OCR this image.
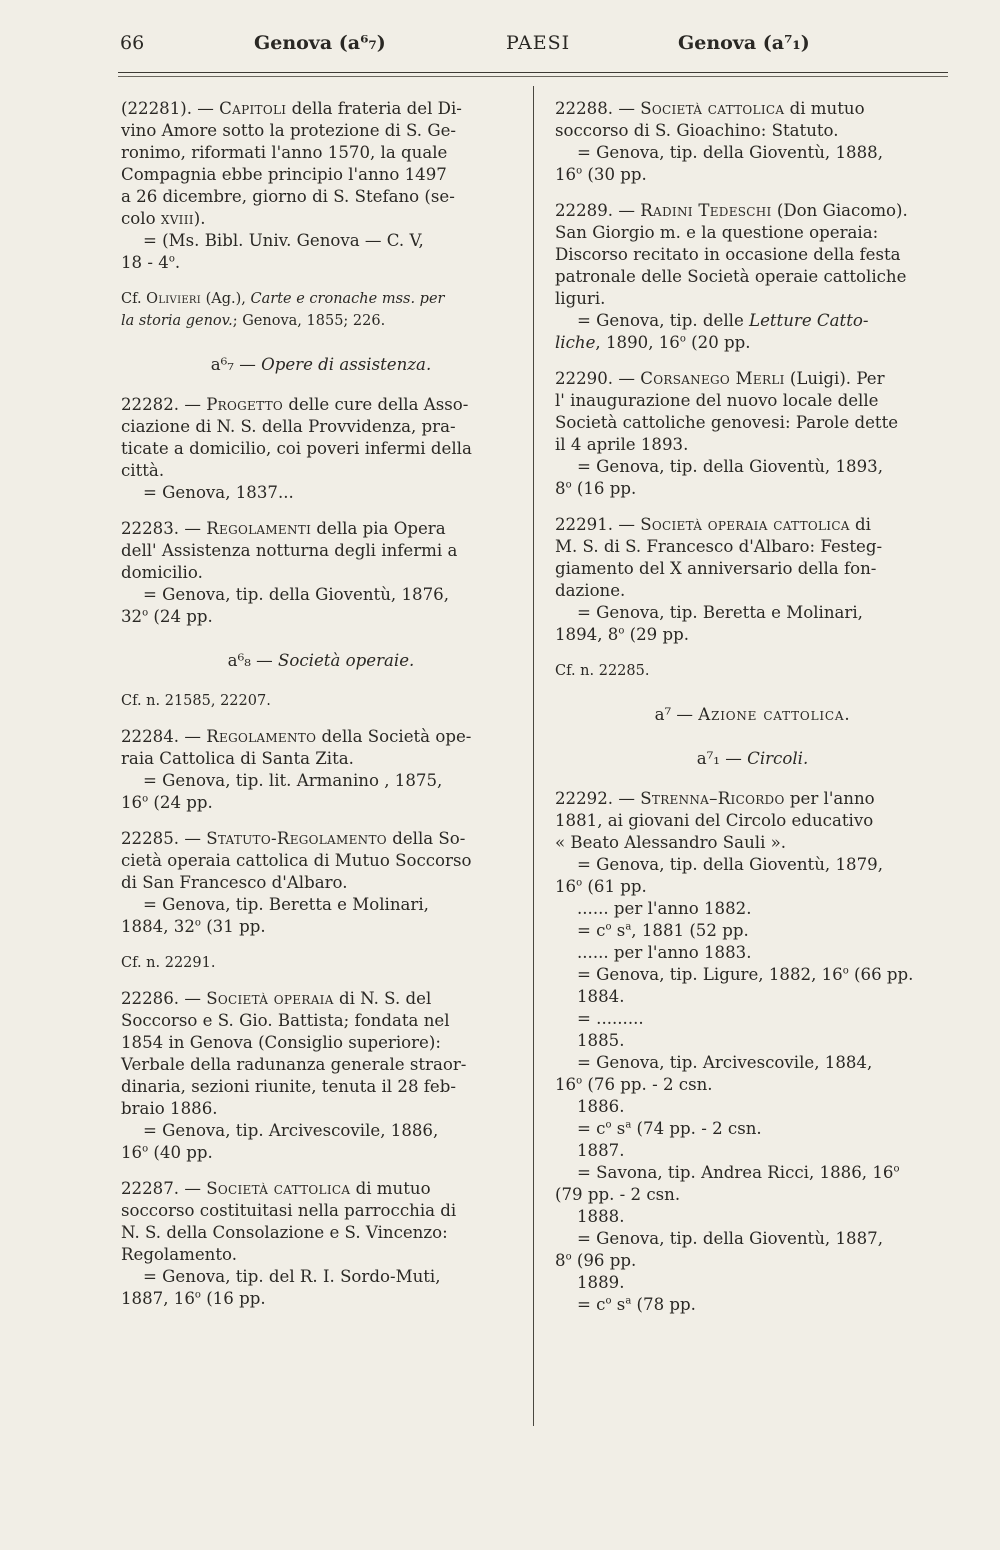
66	Genova (a⁶₇)	PAESI	Genova (a⁷₁)
(22281). — Capitoli della frateria del Di-
vino Amore sotto la protezione di S. Ge-
ronimo, riformati l'anno 1570, la quale
Compagnia ebbe principio l'anno 1497
a 26 dicembre, giorno di S. Stefano (se-
colo xviii).
= (Ms. Bibl. Univ. Genova — C. V,
18 - 4$^o$.
Cf. Olivieri (Ag.), Carte e cronache mss. per
la storia genov.; Genova, 1855; 226.
a⁶₇ — Opere di assistenza.
22282. — Progetto delle cure della Asso-
ciazione di N. S. della Provvidenza, pra-
ticate a domicilio, coi poveri infermi della
città.
= Genova, 1837...
22283. — Regolamenti della pia Opera
dell' Assistenza notturna degli infermi a
domicilio.
= Genova, tip. della Gioventù, 1876,
32$^o$ (24 pp.
a⁶₈ — Società operaie.
Cf. n. 21585, 22207.
22284. — Regolamento della Società ope-
raia Cattolica di Santa Zita.
= Genova, tip. lit. Armanino , 1875,
16$^o$ (24 pp.
22285. — Statuto-Regolamento della So-
cietà operaia cattolica di Mutuo Soccorso
di San Francesco d'Albaro.
= Genova, tip. Beretta e Molinari,
1884, 32$^o$ (31 pp.
Cf. n. 22291.
22286. — Società operaia di N. S. del
Soccorso e S. Gio. Battista; fondata nel
1854 in Genova (Consiglio superiore):
Verbale della radunanza generale straor-
dinaria, sezioni riunite, tenuta il 28 feb-
braio 1886.
= Genova, tip. Arcivescovile, 1886,
16$^o$ (40 pp.
22287. — Società cattolica di mutuo
soccorso costituitasi nella parrocchia di
N. S. della Consolazione e S. Vincenzo:
Regolamento.
= Genova, tip. del R. I. Sordo-Muti,
1887, 16$^o$ (16 pp.
22288. — Società cattolica di mutuo
soccorso di S. Gioachino: Statuto.
= Genova, tip. della Gioventù, 1888,
16$^o$ (30 pp.
22289. — Radini Tedeschi (Don Giacomo).
San Giorgio m. e la questione operaia:
Discorso recitato in occasione della festa
patronale delle Società operaie cattoliche
liguri.
= Genova, tip. delle Letture Catto-
liche, 1890, 16$^o$ (20 pp.
22290. — Corsanego Merli (Luigi). Per
l' inaugurazione del nuovo locale delle
Società cattoliche genovesi: Parole dette
il 4 aprile 1893.
= Genova, tip. della Gioventù, 1893,
8$^o$ (16 pp.
22291. — Società operaia cattolica di
M. S. di S. Francesco d'Albaro: Festeg-
giamento del X anniversario della fon-
dazione.
= Genova, tip. Beretta e Molinari,
1894, 8$^o$ (29 pp.
Cf. n. 22285.
a⁷ — Azione cattolica.
a⁷₁ — Circoli.
22292. — Strenna–Ricordo per l'anno
1881, ai giovani del Circolo educativo
« Beato Alessandro Sauli ».
= Genova, tip. della Gioventù, 1879,
16$^o$ (61 pp.
...... per l'anno 1882.
= $c^o$ $s^a$, 1881 (52 pp.
...... per l'anno 1883.
= Genova, tip. Ligure, 1882, 16$^o$ (66 pp.
1884.
= .........
1885.
= Genova, tip. Arcivescovile, 1884,
16$^o$ (76 pp. - 2 csn.
1886.
= $c^o$ $s^a$ (74 pp. - 2 csn.
1887.
= Savona, tip. Andrea Ricci, 1886, 16$^o$
(79 pp. - 2 csn.
1888.
= Genova, tip. della Gioventù, 1887,
8$^o$ (96 pp.
1889.
= $c^o$ $s^a$ (78 pp.
